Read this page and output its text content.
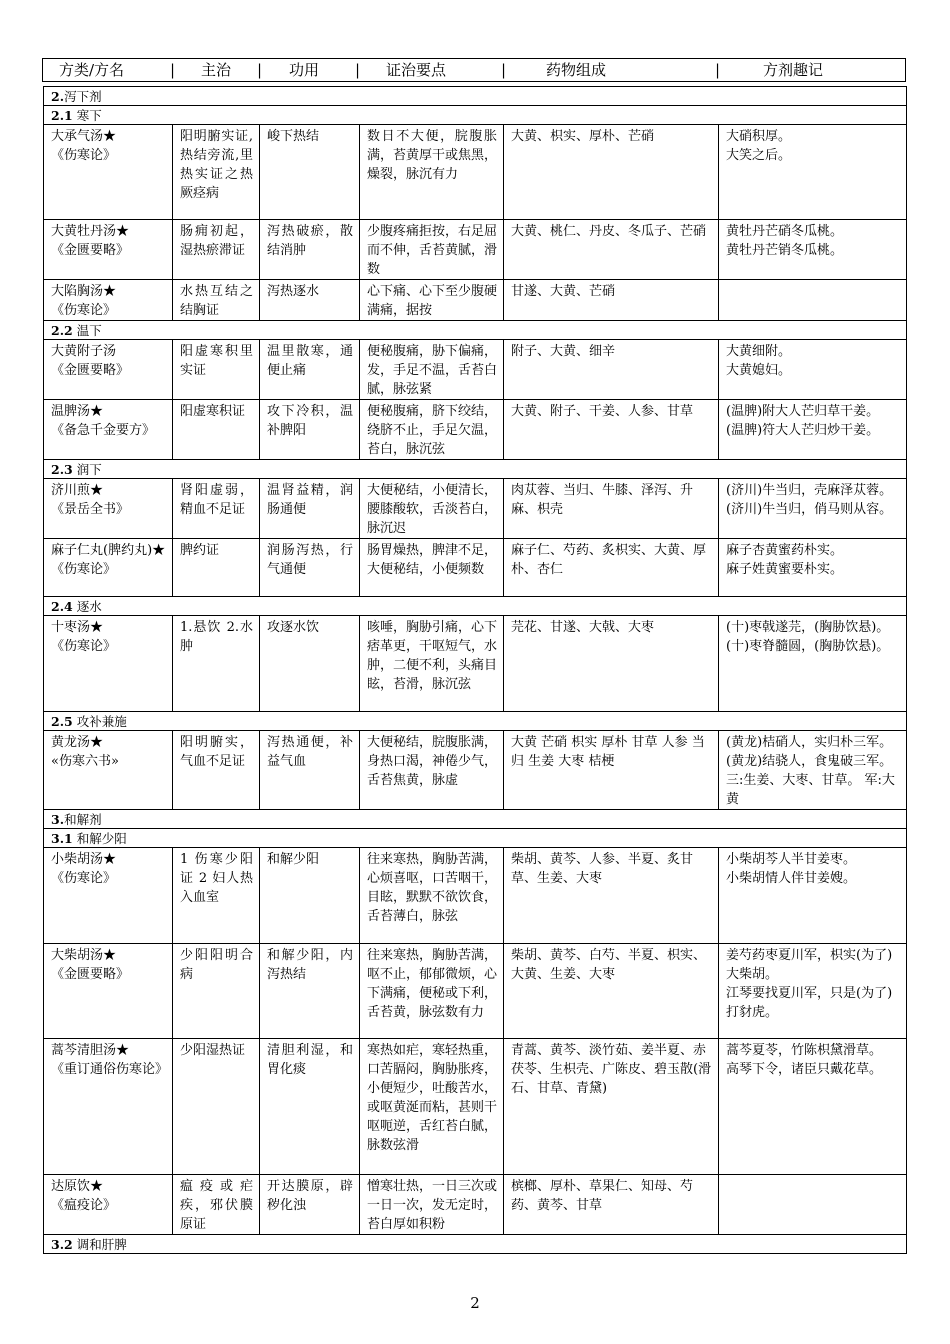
方类/方名	| 主治 | 功用 | 证治要点	|	药物组成	|	方剂趣记
2.泻下剂					
2.1 寒下					

大承气汤★
《伤寒论》	阳明腑实证,热结旁流,里热实证之热厥痉病	峻下热结	数日不大便，脘腹胀满，苔黄厚干或焦黑，燥裂，脉沉有力	大黄、枳实、厚朴、芒硝	大硝积厚。
大笑之后。

大黄牡丹汤★
《金匮要略》	肠痈初起，湿热瘀滞证	泻热破瘀，散结消肿	少腹疼痛拒按，右足屈而不伸，舌苔黄腻，滑数	大黄、桃仁、丹皮、冬瓜子、芒硝	黄牡丹芒硝冬瓜桃。
黄牡丹芒销冬瓜桃。

大陷胸汤★
《伤寒论》	水热互结之结胸证	泻热逐水	心下痛、心下至少腹硬满痛，据按	甘遂、大黄、芒硝	
2.2 温下					

大黄附子汤
《金匮要略》	阳虚寒积里实证	温里散寒，通便止痛	便秘腹痛，胁下偏痛，发，手足不温，舌苔白腻，脉弦紧	附子、大黄、细辛	大黄细附。
大黄媳妇。

温脾汤★
《备急千金要方》	阳虚寒积证	攻下冷积，温补脾阳	便秘腹痛，脐下绞结，绕脐不止，手足欠温，苔白，脉沉弦	大黄、附子、干姜、人参、甘草	(温脾)附大人芒归草干姜。
(温脾)符大人芒归炒干姜。

2.3 润下					

济川煎★
《景岳全书》	肾阳虚弱，精血不足证	温肾益精，润肠通便	大便秘结，小便清长，腰膝酸软，舌淡苔白，脉沉迟	肉苁蓉、当归、牛膝、泽泻、升麻、枳壳	(济川)牛当归，壳麻泽苁蓉。
(济川)牛当归，俏马则从容。

麻子仁丸(脾约丸)★
《伤寒论》	脾约证	润肠泻热，行气通便	肠胃燥热，脾津不足，大便秘结，小便频数	麻子仁、芍药、炙枳实、大黄、厚朴、杏仁	麻子杏黄蜜药朴实。
麻子姓黄蜜要朴实。

2.4 逐水					

十枣汤★
《伤寒论》	1.悬饮 2.水肿	攻逐水饮	咳唾，胸胁引痛，心下痞革更，干呕短气，水肿，二便不利，头痛目眩，苔滑，脉沉弦	芫花、甘遂、大戟、大枣	(十)枣戟遂芫，(胸胁饮悬)。
(十)枣脊髓圆，(胸胁饮悬)。

2.5 攻补兼施					

黄龙汤★
«伤寒六书»	阳明腑实，气血不足证	泻热通便，补益气血	大便秘结，脘腹胀满，身热口渴，神倦少气，舌苔焦黄，脉虚	大黄 芒硝 枳实 厚朴 甘草 人参 当归 生姜 大枣 桔梗	(黄龙)桔硝人，实归朴三军。
(黄龙)结骁人，食鬼破三军。
三:生姜、大枣、甘草。 军:大黄

3.和解剂					
3.1 和解少阳					

小柴胡汤★
《伤寒论》	1 伤寒少阳证 2 妇人热入血室	和解少阳	往来寒热，胸胁苦满，心烦喜呕，口苦咽干，目眩，默默不欲饮食，舌苔薄白，脉弦	柴胡、黄芩、人参、半夏、炙甘草、生姜、大枣	小柴胡芩人半甘姜枣。
小柴胡情人伴甘姜嫂。

大柴胡汤★
《金匮要略》	少阳阳明合病	和解少阳，内泻热结	往来寒热，胸胁苦满，呕不止，郁郁微烦，心下满痛，便秘或下利，舌苔黄，脉弦数有力	柴胡、黄芩、白芍、半夏、枳实、大黄、生姜、大枣	姜芍药枣夏川军，枳实(为了)大柴胡。
江琴要找夏川军，只是(为了)打豺虎。

蒿芩清胆汤★
《重订通俗伤寒论》	少阳湿热证	清胆利湿，和胃化痰	寒热如疟，寒轻热重，口苦膈闷，胸胁胀疼，小便短少，吐酸苦水，或呕黄涎而粘，甚则干呕呃逆，舌红苔白腻，脉数弦滑	青蒿、黄芩、淡竹茹、姜半夏、赤茯苓、生枳壳、广陈皮、碧玉散(滑石、甘草、青黛)	蒿芩夏苓，竹陈枳黛滑草。
高琴下令，诸臣只戴花草。

达原饮★
《瘟疫论》	瘟疫或疟疾，邪伏膜原证	开达膜原，辟秽化浊	憎寒壮热，一日三次或一日一次，发无定时，苔白厚如积粉	槟榔、厚朴、草果仁、知母、芍药、黄芩、甘草	
3.2 调和肝脾					
2
